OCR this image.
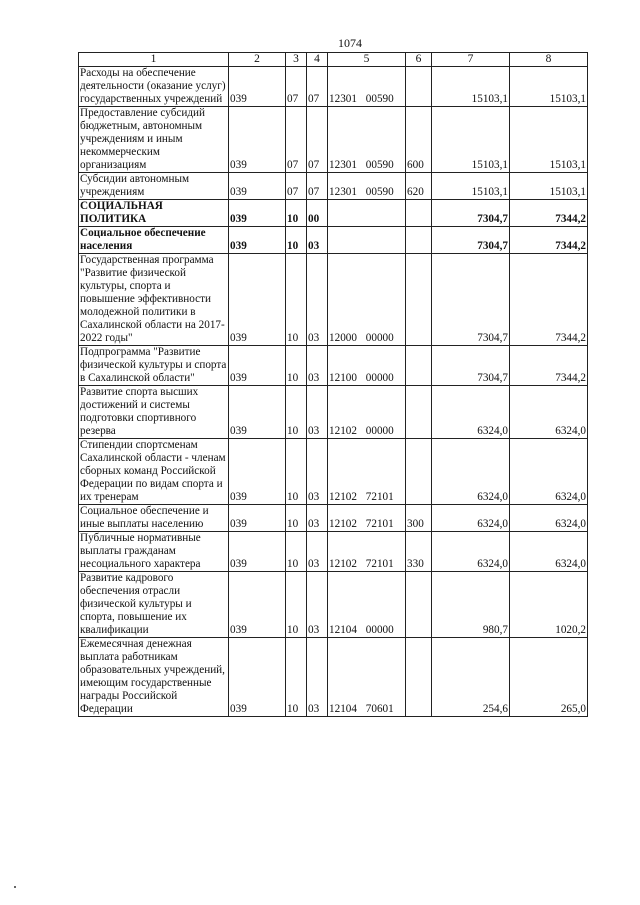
1074
1	2	3	4	5	6	7	8
Расходы на обеспечение деятельности (оказание услуг) государственных учреждений	039	07	07	12301 00590		15103,1	15103,1
Предоставление субсидий бюджетным, автономным учреждениям и иным некоммерческим организациям	039	07	07	12301 00590	600	15103,1	15103,1
Субсидии автономным учреждениям	039	07	07	12301 00590	620	15103,1	15103,1
СОЦИАЛЬНАЯ ПОЛИТИКА	039	10	00			7304,7	7344,2
Социальное обеспечение населения	039	10	03			7304,7	7344,2
Государственная программа "Развитие физической культуры, спорта и повышение эффективности молодежной политики в Сахалинской области на 2017-2022 годы"	039	10	03	12000 00000		7304,7	7344,2
Подпрограмма "Развитие физической культуры и спорта в Сахалинской области"	039	10	03	12100 00000		7304,7	7344,2
Развитие спорта высших достижений и системы подготовки спортивного резерва	039	10	03	12102 00000		6324,0	6324,0
Стипендии спортсменам Сахалинской области - членам сборных команд Российской Федерации по видам спорта и их тренерам	039	10	03	12102 72101		6324,0	6324,0
Социальное обеспечение и иные выплаты населению	039	10	03	12102 72101	300	6324,0	6324,0
Публичные нормативные выплаты гражданам несоциального характера	039	10	03	12102 72101	330	6324,0	6324,0
Развитие кадрового обеспечения отрасли физической культуры и спорта, повышение их квалификации	039	10	03	12104 00000		980,7	1020,2
Ежемесячная денежная выплата работникам образовательных учреждений, имеющим государственные награды Российской Федерации	039	10	03	12104 70601		254,6	265,0
